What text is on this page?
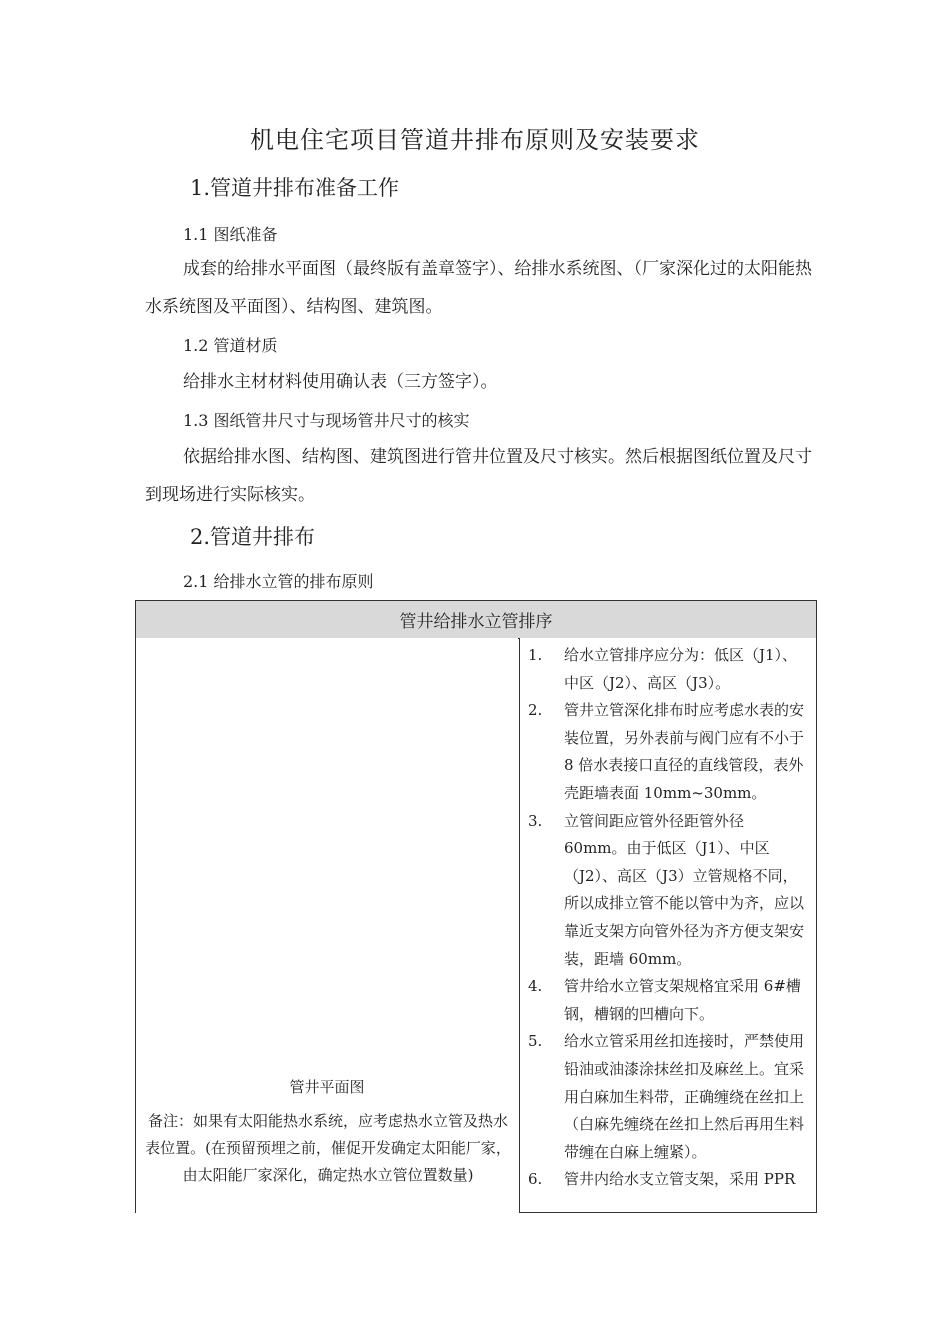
机电住宅项目管道井排布原则及安装要求
1.管道井排布准备工作
1.1 图纸准备
成套的给排水平面图（最终版有盖章签字）、给排水系统图、（厂家深化过的太阳能热水系统图及平面图）、结构图、建筑图。
1.2 管道材质
给排水主材材料使用确认表（三方签字）。
1.3 图纸管井尺寸与现场管井尺寸的核实
依据给排水图、结构图、建筑图进行管井位置及尺寸核实。然后根据图纸位置及尺寸到现场进行实际核实。
2.管道井排布
2.1 给排水立管的排布原则
管井给排水立管排序
管井平面图
备注：如果有太阳能热水系统，应考虑热水立管及热水表位置。(在预留预埋之前，催促开发确定太阳能厂家，由太阳能厂家深化，确定热水立管位置数量)
1.	给水立管排序应分为：低区（J1）、中区（J2）、高区（J3）。
2.	管井立管深化排布时应考虑水表的安装位置，另外表前与阀门应有不小于 8 倍水表接口直径的直线管段，表外壳距墙表面 10mm~30mm。
3.	立管间距应管外径距管外径 60mm。由于低区（J1）、中区（J2）、高区（J3）立管规格不同，所以成排立管不能以管中为齐，应以靠近支架方向管外径为齐方便支架安装，距墙 60mm。
4.	管井给水立管支架规格宜采用 6#槽钢，槽钢的凹槽向下。
5.	给水立管采用丝扣连接时，严禁使用铅油或油漆涂抹丝扣及麻丝上。宜采用白麻加生料带，正确缠绕在丝扣上（白麻先缠绕在丝扣上然后再用生料带缠在白麻上缠紧）。
6.	管井内给水支立管支架，采用 PPR
